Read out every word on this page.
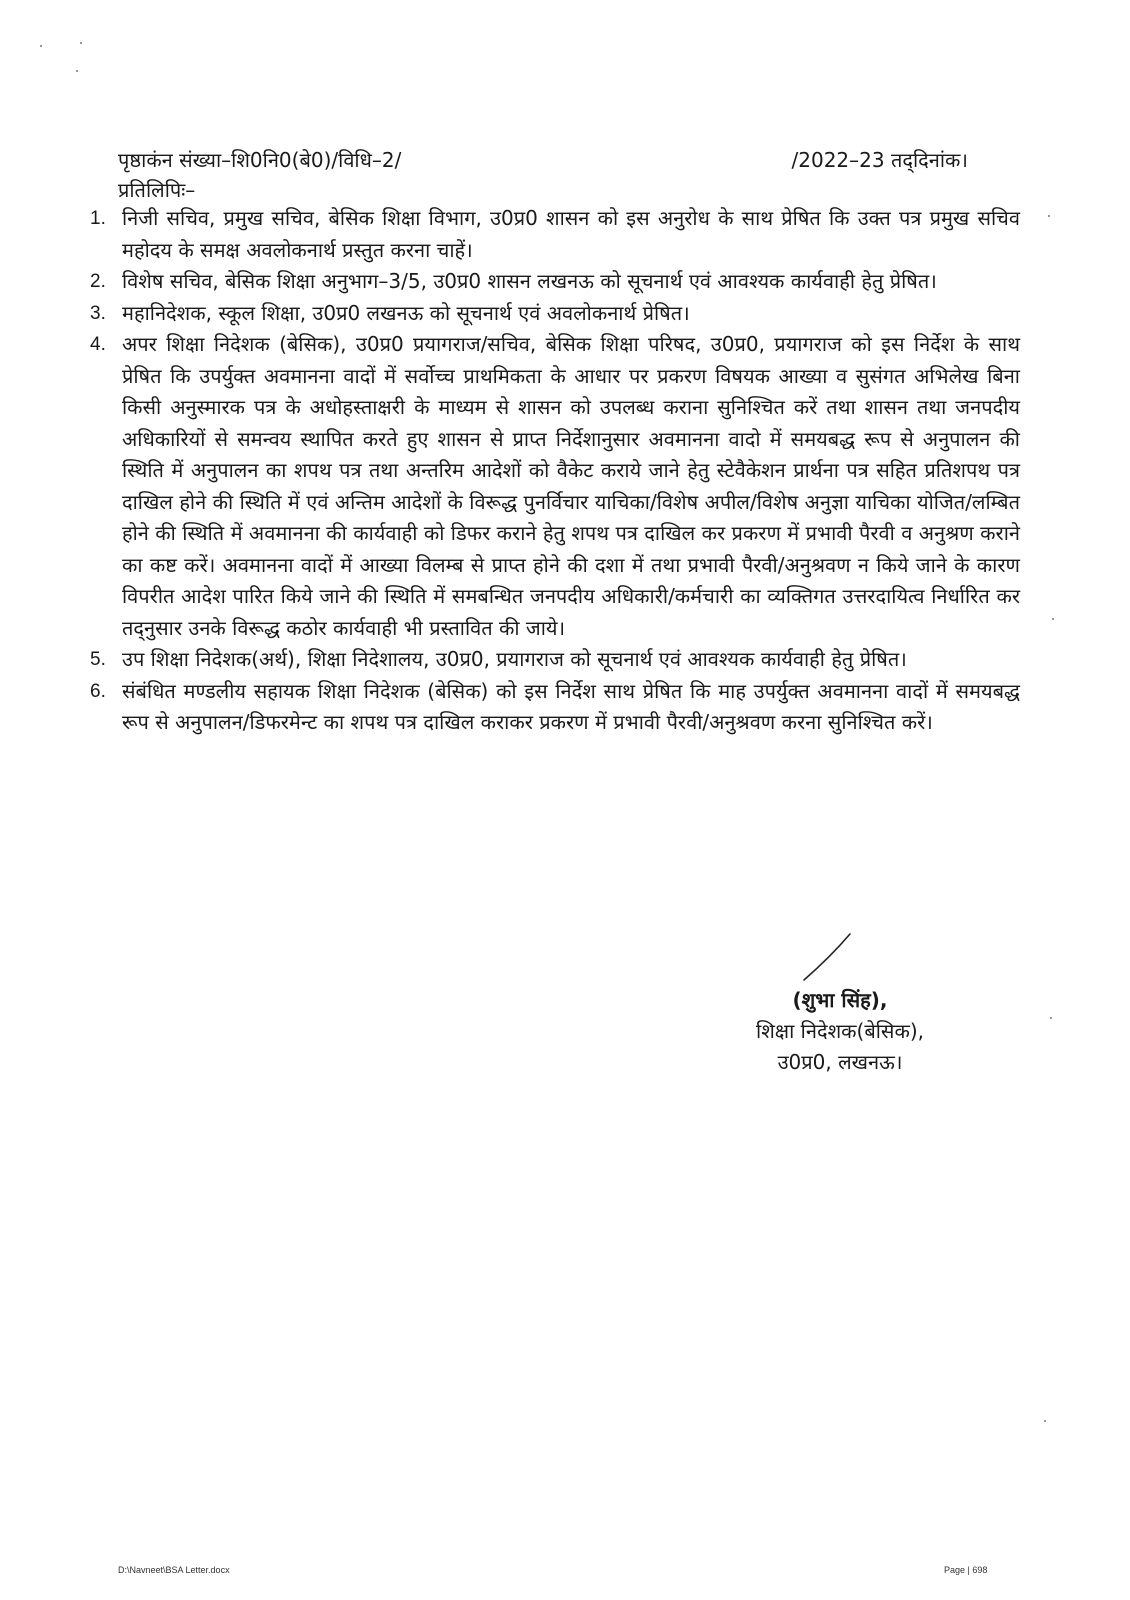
पृष्ठाकंन संख्या–शि0नि0(बे0)/विधि–2/	/2022–23 तद्‌दिनांक।
प्रतिलिपिः–
1. निजी सचिव, प्रमुख सचिव, बेसिक शिक्षा विभाग, उ0प्र0 शासन को इस अनुरोध के साथ प्रेषित कि उक्त पत्र प्रमुख सचिव महोदय के समक्ष अवलोकनार्थ प्रस्तुत करना चाहें।
2. विशेष सचिव, बेसिक शिक्षा अनुभाग–3/5, उ0प्र0 शासन लखनऊ को सूचनार्थ एवं आवश्यक कार्यवाही हेतु प्रेषित।
3. महानिदेशक, स्कूल शिक्षा, उ0प्र0 लखनऊ को सूचनार्थ एवं अवलोकनार्थ प्रेषित।
4. अपर शिक्षा निदेशक (बेसिक), उ0प्र0 प्रयागराज/सचिव, बेसिक शिक्षा परिषद, उ0प्र0, प्रयागराज को इस निर्देश के साथ प्रेषित कि उपर्युक्त अवमानना वादों में सर्वोच्च प्राथमिकता के आधार पर प्रकरण विषयक आख्या व सुसंगत अभिलेख बिना किसी अनुस्मारक पत्र के अधोहस्ताक्षरी के माध्यम से शासन को उपलब्ध कराना सुनिश्चित करें तथा शासन तथा जनपदीय अधिकारियों से समन्वय स्थापित करते हुए शासन से प्राप्त निर्देशानुसार अवमानना वादो में समयबद्ध रूप से अनुपालन की स्थिति में अनुपालन का शपथ पत्र तथा अन्तरिम आदेशों को वैकेट कराये जाने हेतु स्टेवैकेशन प्रार्थना पत्र सहित प्रतिशपथ पत्र दाखिल होने की स्थिति में एवं अन्तिम आदेशों के विरूद्ध पुनर्विचार याचिका/विशेष अपील/विशेष अनुज्ञा याचिका योजित/लम्बित होने की स्थिति में अवमानना की कार्यवाही को डिफर कराने हेतु शपथ पत्र दाखिल कर प्रकरण में प्रभावी पैरवी व अनुश्रण कराने का कष्ट करें। अवमानना वादों में आख्या विलम्ब से प्राप्त होने की दशा में तथा प्रभावी पैरवी/अनुश्रवण न किये जाने के कारण विपरीत आदेश पारित किये जाने की स्थिति में समबन्धित जनपदीय अधिकारी/कर्मचारी का व्यक्तिगत उत्तरदायित्व निर्धारित कर तद्‌नुसार उनके विरूद्ध कठोर कार्यवाही भी प्रस्तावित की जाये।
5. उप शिक्षा निदेशक(अर्थ), शिक्षा निदेशालय, उ0प्र0, प्रयागराज को सूचनार्थ एवं आवश्यक कार्यवाही हेतु प्रेषित।
6. संबंधित मण्डलीय सहायक शिक्षा निदेशक (बेसिक) को इस निर्देश साथ प्रेषित कि माह उपर्युक्त अवमानना वादों में समयबद्ध रूप से अनुपालन/डिफरमेन्ट का शपथ पत्र दाखिल कराकर प्रकरण में प्रभावी पैरवी/अनुश्रवण करना सुनिश्चित करें।
(शुभा सिंह),
शिक्षा निदेशक(बेसिक),
उ0प्र0, लखनऊ।
D:\Navneet\BSA Letter.docx	Page | 698
